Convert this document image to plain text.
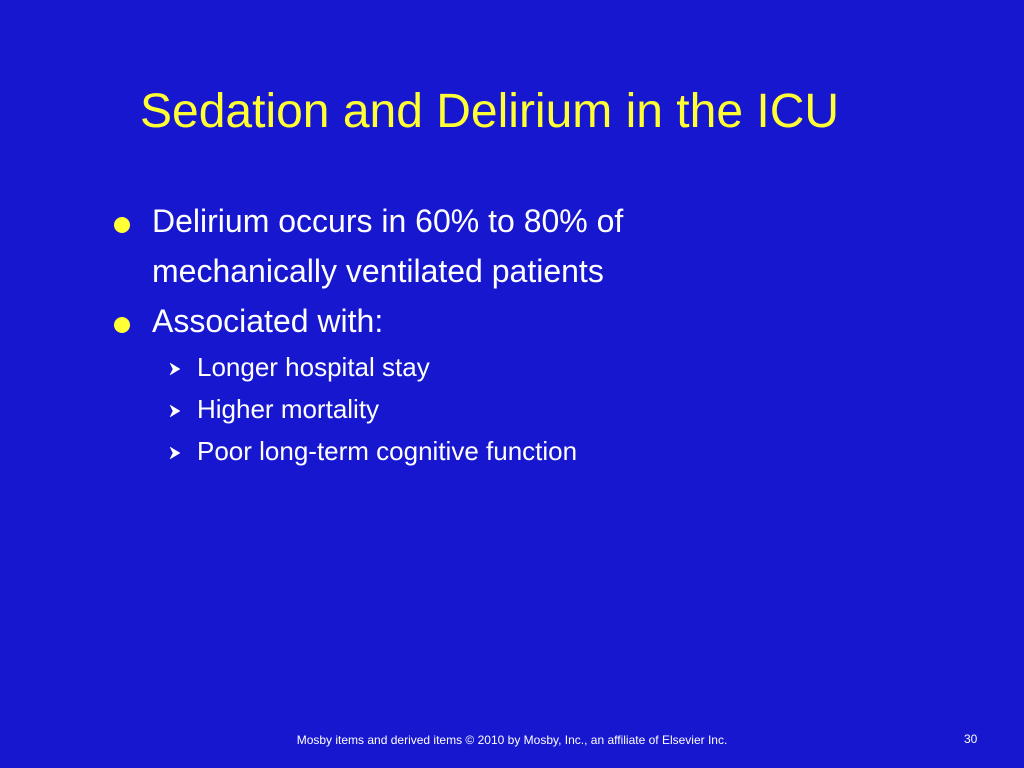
Sedation and Delirium in the ICU
Delirium occurs in 60% to 80% of
mechanically ventilated patients
Associated with:
Longer hospital stay
Higher mortality
Poor long-term cognitive function
Mosby items and derived items © 2010 by Mosby, Inc., an affiliate of Elsevier Inc.	30
